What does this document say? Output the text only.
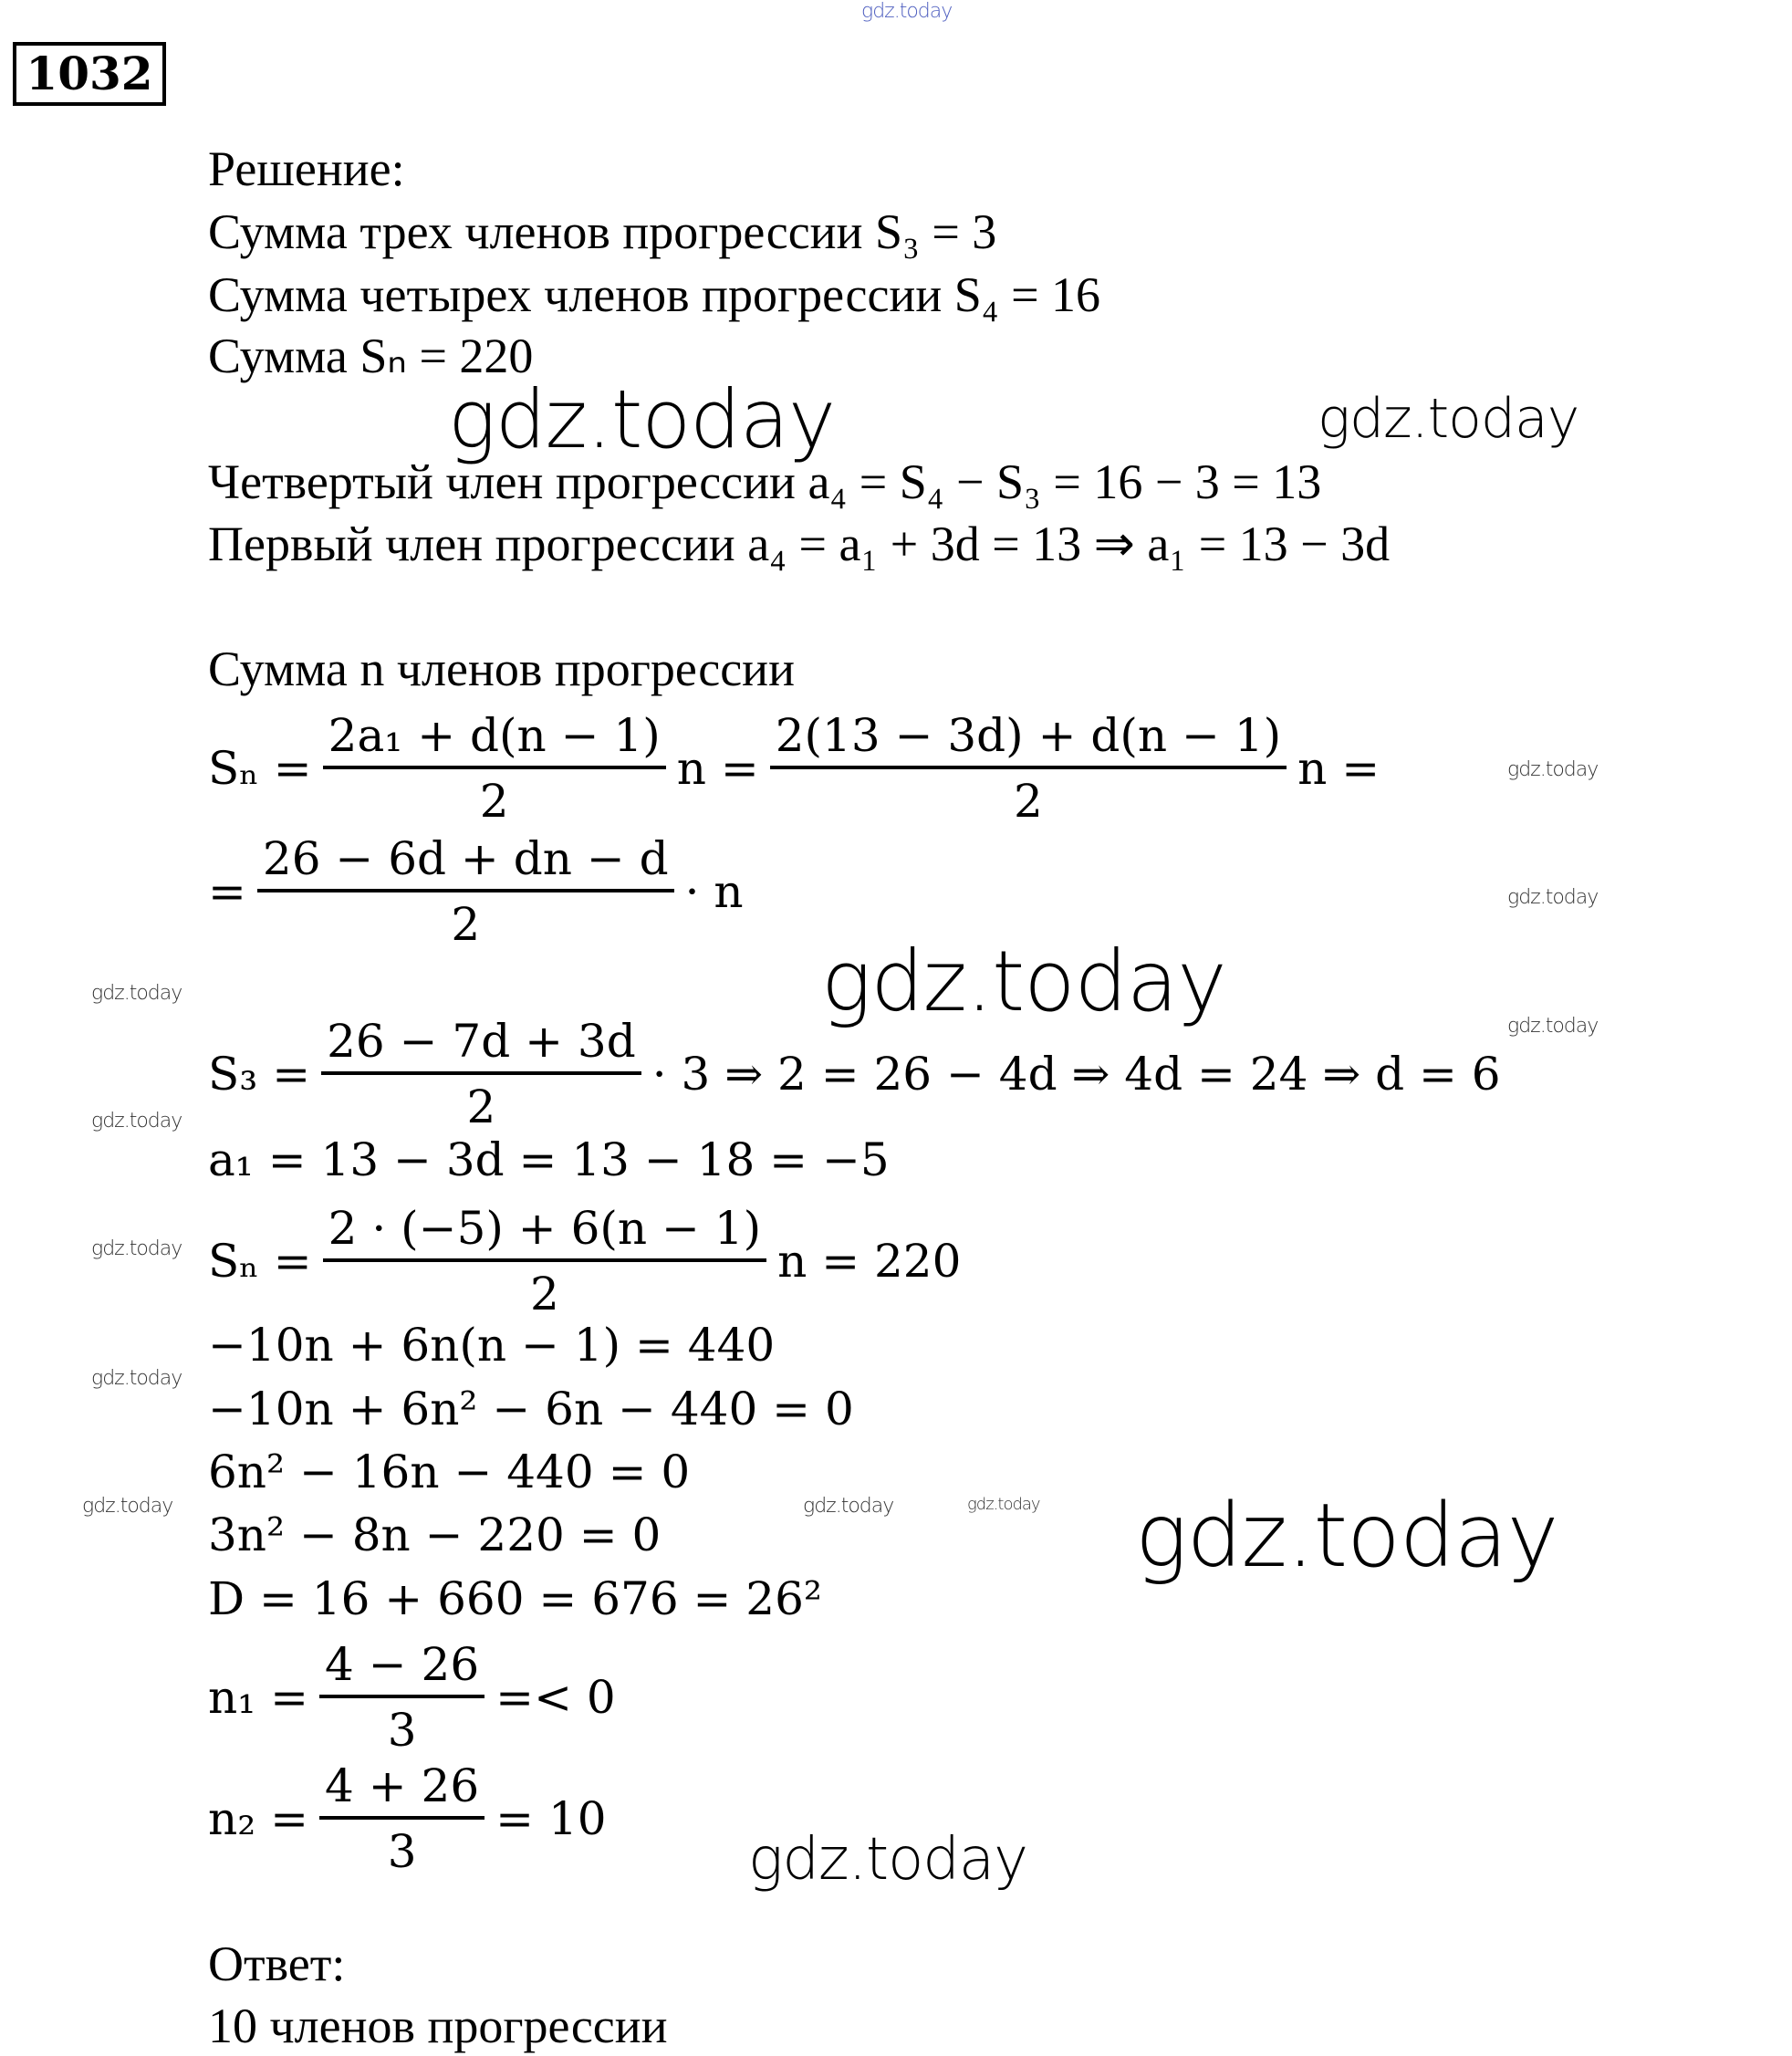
1032
Решение:
Сумма трех членов прогрессии S₃ = 3
Сумма четырех членов прогрессии S₄ = 16
Сумма Sₙ = 220
Четвертый член прогрессии a₄ = S₄ − S₃ = 16 − 3 = 13
Первый член прогрессии a₄ = a₁ + 3d = 13 ⇒ a₁ = 13 − 3d
Сумма n членов прогрессии
$S_n = \frac{\text{2a₁ + d(n − 1)}}{2}$ $n = \frac{2(13 - 3d) + d(n - 1)}{2}$ n =
= $\frac{26 - 6d + dn - d}{2} \cdot n$
$S_3 = \frac{26 - 7d + 3d}{2} \cdot 3$ ⇒ 2 = 26 − 4d ⇒ 4d = 24 ⇒ d = 6
a₁ = 13 − 3d = 13 − 18 = −5
$S_n = \frac{2 \cdot (-5) + 6(n - 1)}{2}$ n = 220
−10n + 6n(n − 1) = 440
−10n + 6n² − 6n − 440 = 0
6n² − 16n − 440 = 0
3n² − 8n − 220 = 0
D = 16 + 660 = 676 = 26²
$n_1 = \frac{4 - 26}{3} =< 0$
$n_2 = \frac{4 + 26}{3} = 10$
Ответ:
10 членов прогрессии
gdz.today
gdz.today	gdz.today
gdz.today
gdz.today
gdz.today
gdz.today
gdz.today
gdz.today
gdz.today
gdz.today
gdz.today	gdz.today	gdz.today gdz.today
gdz.today
